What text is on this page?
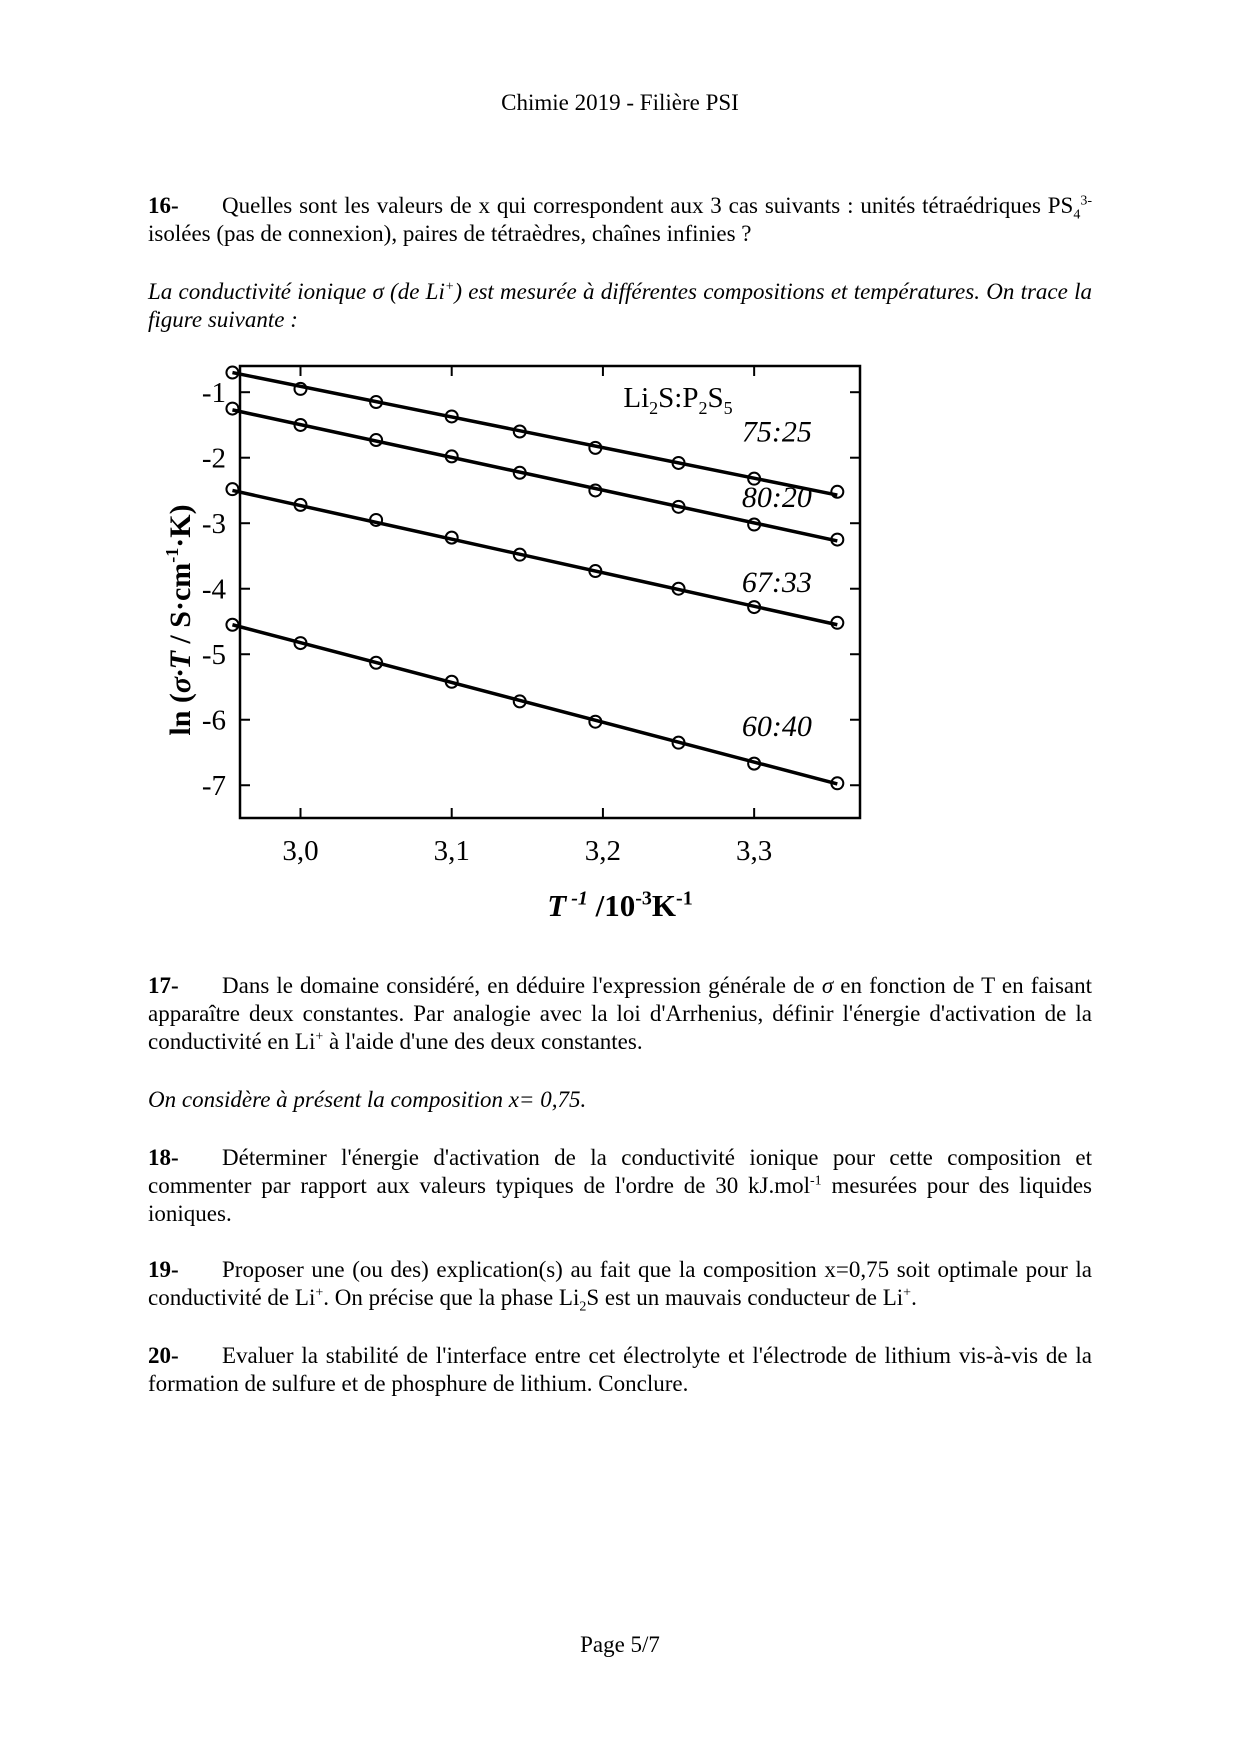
Chimie 2019 - Filière PSI
16- Quelles sont les valeurs de x qui correspondent aux 3 cas suivants : unités tétraédriques $PS_4^{3-}$ isolées (pas de connexion), paires de tétraèdres, chaînes infinies ?
La conductivité ionique σ (de Li+) est mesurée à différentes compositions et températures. On trace la figure suivante :
3,0	3,1	3,2	3,3
-1
-2
-3
-4
-5
-6
-7
75:25
80:20
67:33
60:40
$\ln (\sigma\cdot T / S\cdot cm^{-1}\cdot K)$
$Li_2S:P_2S_5$
T $^{-1}$ $/10^{-3}K^{-1}$
17- Dans le domaine considéré, en déduire l'expression générale de σ en fonction de T en faisant apparaître deux constantes. Par analogie avec la loi d'Arrhenius, définir l'énergie d'activation de la conductivité en Li+ à l'aide d'une des deux constantes.
On considère à présent la composition x= 0,75.
18- Déterminer l'énergie d'activation de la conductivité ionique pour cette composition et commenter par rapport aux valeurs typiques de l'ordre de 30 kJ.mol$^{-1}$ mesurées pour des liquides ioniques.
19- Proposer une (ou des) explication(s) au fait que la composition x=0,75 soit optimale pour la conductivité de Li+. On précise que la phase $Li_2S$ est un mauvais conducteur de Li+.
20- Evaluer la stabilité de l'interface entre cet électrolyte et l'électrode de lithium vis-à-vis de la formation de sulfure et de phosphure de lithium. Conclure.
Page 5/7
